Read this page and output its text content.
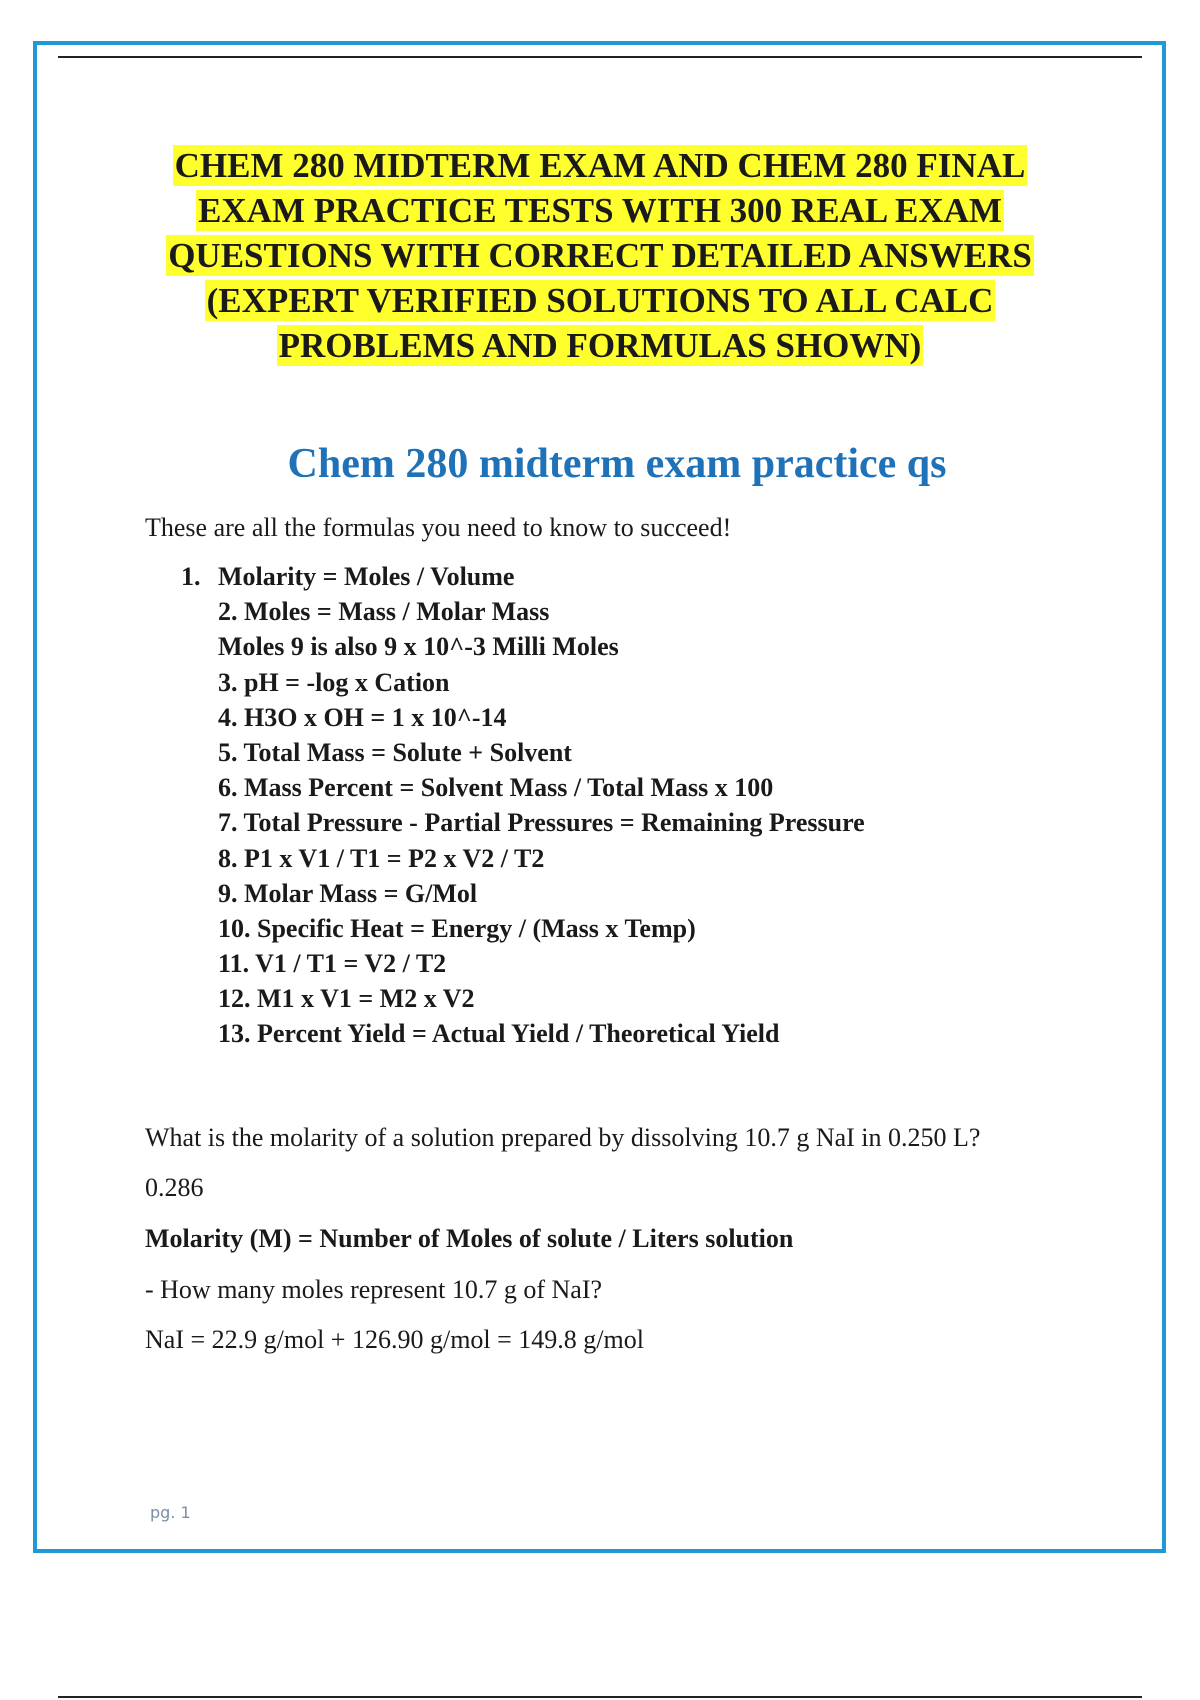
CHEM 280 MIDTERM EXAM AND CHEM 280 FINAL
EXAM PRACTICE TESTS WITH 300 REAL EXAM
QUESTIONS WITH CORRECT DETAILED ANSWERS
(EXPERT VERIFIED SOLUTIONS TO ALL CALC
PROBLEMS AND FORMULAS SHOWN)
Chem 280 midterm exam practice qs
These are all the formulas you need to know to succeed!
1. Molarity = Moles / Volume
2. Moles = Mass / Molar Mass
Moles 9 is also 9 x 10^-3 Milli Moles
3. pH = -log x Cation
4. H3O x OH = 1 x 10^-14
5. Total Mass = Solute + Solvent
6. Mass Percent = Solvent Mass / Total Mass x 100
7. Total Pressure - Partial Pressures = Remaining Pressure
8. P1 x V1 / T1 = P2 x V2 / T2
9. Molar Mass = G/Mol
10. Specific Heat = Energy / (Mass x Temp)
11. V1 / T1 = V2 / T2
12. M1 x V1 = M2 x V2
13. Percent Yield = Actual Yield / Theoretical Yield
What is the molarity of a solution prepared by dissolving 10.7 g NaI in 0.250 L?
0.286
Molarity (M) = Number of Moles of solute / Liters solution
- How many moles represent 10.7 g of NaI?
NaI = 22.9 g/mol + 126.90 g/mol = 149.8 g/mol
pg. 1
